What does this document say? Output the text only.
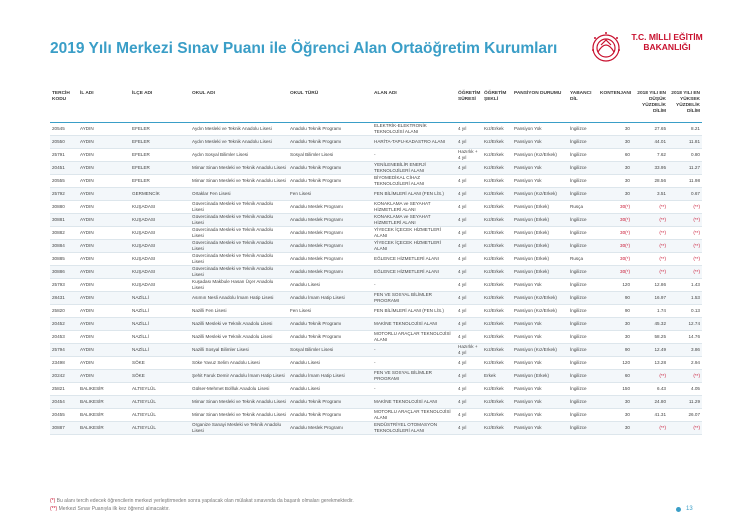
2019 Yılı Merkezi Sınav Puanı ile Öğrenci Alan Ortaöğretim Kurumları
T.C. MİLLİ EĞİTİM
BAKANLIĞI
TERCİH KODU	İL ADI	İLÇE ADI	OKUL ADI	OKUL TÜRÜ	ALAN ADI	ÖĞRETİM SÜRESİ	ÖĞRETİM ŞEKLİ	PANSİYON DURUMU	YABANCI DİL	KONTENJANI	2018 YILI EN DÜŞÜK YÜZDELİK DİLİM	2018 YILI EN YÜKSEK YÜZDELİK DİLİM
20545	AYDIN	EFELER	Aydın Mesleki ve Teknik Anadolu Lisesi	Anadolu Teknik Programı	ELEKTRİK-ELEKTRONİK TEKNOLOJİSİ ALANI	4 yıl	Kız/Erkek	Pansiyon Yok	İngilizce	30	27.65	8.21
20550	AYDIN	EFELER	Aydın Mesleki ve Teknik Anadolu Lisesi	Anadolu Teknik Programı	HARİTA-TAPU-KADASTRO ALANI	4 yıl	Kız/Erkek	Pansiyon Yok	İngilizce	30	44.01	11.81
25791	AYDIN	EFELER	Aydın Sosyal Bilimler Lisesi	Sosyal Bilimler Lisesi	-	Hazırlık + 4 yıl	Kız/Erkek	Pansiyon (Kız/Erkek)	İngilizce	60	7.62	0.80
20451	AYDIN	EFELER	Mimar Sinan Mesleki ve Teknik Anadolu Lisesi	Anadolu Teknik Programı	YENİLENEBİLİR ENERJİ TEKNOLOJİLERİ ALANI	4 yıl	Kız/Erkek	Pansiyon Yok	İngilizce	30	33.95	11.27
20555	AYDIN	EFELER	Mimar Sinan Mesleki ve Teknik Anadolu Lisesi	Anadolu Teknik Programı	BİYOMEDİKAL CİHAZ TEKNOLOJİLERİ ALANI	4 yıl	Kız/Erkek	Pansiyon Yok	İngilizce	30	28.56	11.98
25792	AYDIN	GERMENCİK	Ortaklar Fen Lisesi	Fen Lisesi	FEN BİLİMLERİ ALANI (FEN LİS.)	4 yıl	Kız/Erkek	Pansiyon (Kız/Erkek)	İngilizce	30	3.51	0.67
30880	AYDIN	KUŞADASI	Güvercinada Mesleki ve Teknik Anadolu Lisesi	Anadolu Meslek Programı	KONAKLAMA ve SEYAHAT HİZMETLERİ ALANI	4 yıl	Kız/Erkek	Pansiyon (Erkek)	Rusça	30(*)	(**)	(**)
30881	AYDIN	KUŞADASI	Güvercinada Mesleki ve Teknik Anadolu Lisesi	Anadolu Meslek Programı	KONAKLAMA ve SEYAHAT HİZMETLERİ ALANI	4 yıl	Kız/Erkek	Pansiyon (Erkek)	İngilizce	30(*)	(**)	(**)
30882	AYDIN	KUŞADASI	Güvercinada Mesleki ve Teknik Anadolu Lisesi	Anadolu Meslek Programı	YİYECEK İÇECEK HİZMETLERİ ALANI	4 yıl	Kız/Erkek	Pansiyon (Erkek)	İngilizce	30(*)	(**)	(**)
30884	AYDIN	KUŞADASI	Güvercinada Mesleki ve Teknik Anadolu Lisesi	Anadolu Meslek Programı	YİYECEK İÇECEK HİZMETLERİ ALANI	4 yıl	Kız/Erkek	Pansiyon (Erkek)	İngilizce	30(*)	(**)	(**)
30885	AYDIN	KUŞADASI	Güvercinada Mesleki ve Teknik Anadolu Lisesi	Anadolu Meslek Programı	EĞLENCE HİZMETLERİ ALANI	4 yıl	Kız/Erkek	Pansiyon (Erkek)	Rusça	30(*)	(**)	(**)
30886	AYDIN	KUŞADASI	Güvercinada Mesleki ve Teknik Anadolu Lisesi	Anadolu Meslek Programı	EĞLENCE HİZMETLERİ ALANI	4 yıl	Kız/Erkek	Pansiyon (Erkek)	İngilizce	30(*)	(**)	(**)
25793	AYDIN	KUŞADASI	Kuşadası Makbule Hasan Üçer Anadolu Lisesi	Anadolu Lisesi	-	4 yıl	Kız/Erkek	Pansiyon Yok	İngilizce	120	12.86	1.43
28431	AYDIN	NAZİLLİ	Asımın Nesli Anadolu İmam Hatip Lisesi	Anadolu İmam Hatip Lisesi	FEN VE SOSYAL BİLİMLER PROGRAMI	4 yıl	Kız/Erkek	Pansiyon (Kız/Erkek)	İngilizce	90	16.97	1.53
25820	AYDIN	NAZİLLİ	Nazilli Fen Lisesi	Fen Lisesi	FEN BİLİMLERİ ALANI (FEN LİS.)	4 yıl	Kız/Erkek	Pansiyon (Kız/Erkek)	İngilizce	90	1.74	0.13
20452	AYDIN	NAZİLLİ	Nazilli Mesleki ve Teknik Anadolu Lisesi	Anadolu Teknik Programı	MAKİNE TEKNOLOJİSİ ALANI	4 yıl	Kız/Erkek	Pansiyon Yok	İngilizce	30	45.32	12.74
20453	AYDIN	NAZİLLİ	Nazilli Mesleki ve Teknik Anadolu Lisesi	Anadolu Teknik Programı	MOTORLU ARAÇLAR TEKNOLOJİSİ ALANI	4 yıl	Kız/Erkek	Pansiyon Yok	İngilizce	30	58.25	14.76
25794	AYDIN	NAZİLLİ	Nazilli Sosyal Bilimler Lisesi	Sosyal Bilimler Lisesi	-	Hazırlık + 4 yıl	Kız/Erkek	Pansiyon (Kız/Erkek)	İngilizce	90	12.49	3.86
23498	AYDIN	SÖKE	Söke Yavuz Selim Anadolu Lisesi	Anadolu Lisesi	-	4 yıl	Kız/Erkek	Pansiyon Yok	İngilizce	120	13.28	2.94
20242	AYDIN	SÖKE	Şehit Faruk Demir Anadolu İmam Hatip Lisesi	Anadolu İmam Hatip Lisesi	FEN VE SOSYAL BİLİMLER PROGRAMI	4 yıl	Erkek	Pansiyon (Erkek)	İngilizce	60	(**)	(**)
25821	BALIKESİR	ALTIEYLÜL	Gülser-Mehmet Bollluk Anadolu Lisesi	Anadolu Lisesi	-	4 yıl	Kız/Erkek	Pansiyon Yok	İngilizce	150	6.43	4.05
20454	BALIKESİR	ALTIEYLÜL	Mimar Sinan Mesleki ve Teknik Anadolu Lisesi	Anadolu Teknik Programı	MAKİNE TEKNOLOJİSİ ALANI	4 yıl	Kız/Erkek	Pansiyon Yok	İngilizce	30	24.80	11.29
20455	BALIKESİR	ALTIEYLÜL	Mimar Sinan Mesleki ve Teknik Anadolu Lisesi	Anadolu Teknik Programı	MOTORLU ARAÇLAR TEKNOLOJİSİ ALANI	4 yıl	Kız/Erkek	Pansiyon Yok	İngilizce	30	41.31	26.07
30887	BALIKESİR	ALTIEYLÜL	Organize Sanayi Mesleki ve Teknik Anadolu Lisesi	Anadolu Meslek Programı	ENDÜSTRİYEL OTOMASYON TEKNOLOJİLERİ ALANI	4 yıl	Kız/Erkek	Pansiyon Yok	İngilizce	30	(**)	(**)
(*) Bu alanı tercih edecek öğrencilerin merkezi yerleştirmeden sonra yapılacak olan mülakat sınavında da başarılı olmaları gerekmektedir.
(**) Merkezi Sınav Puanıyla ilk kez öğrenci alınacaktır.	13
